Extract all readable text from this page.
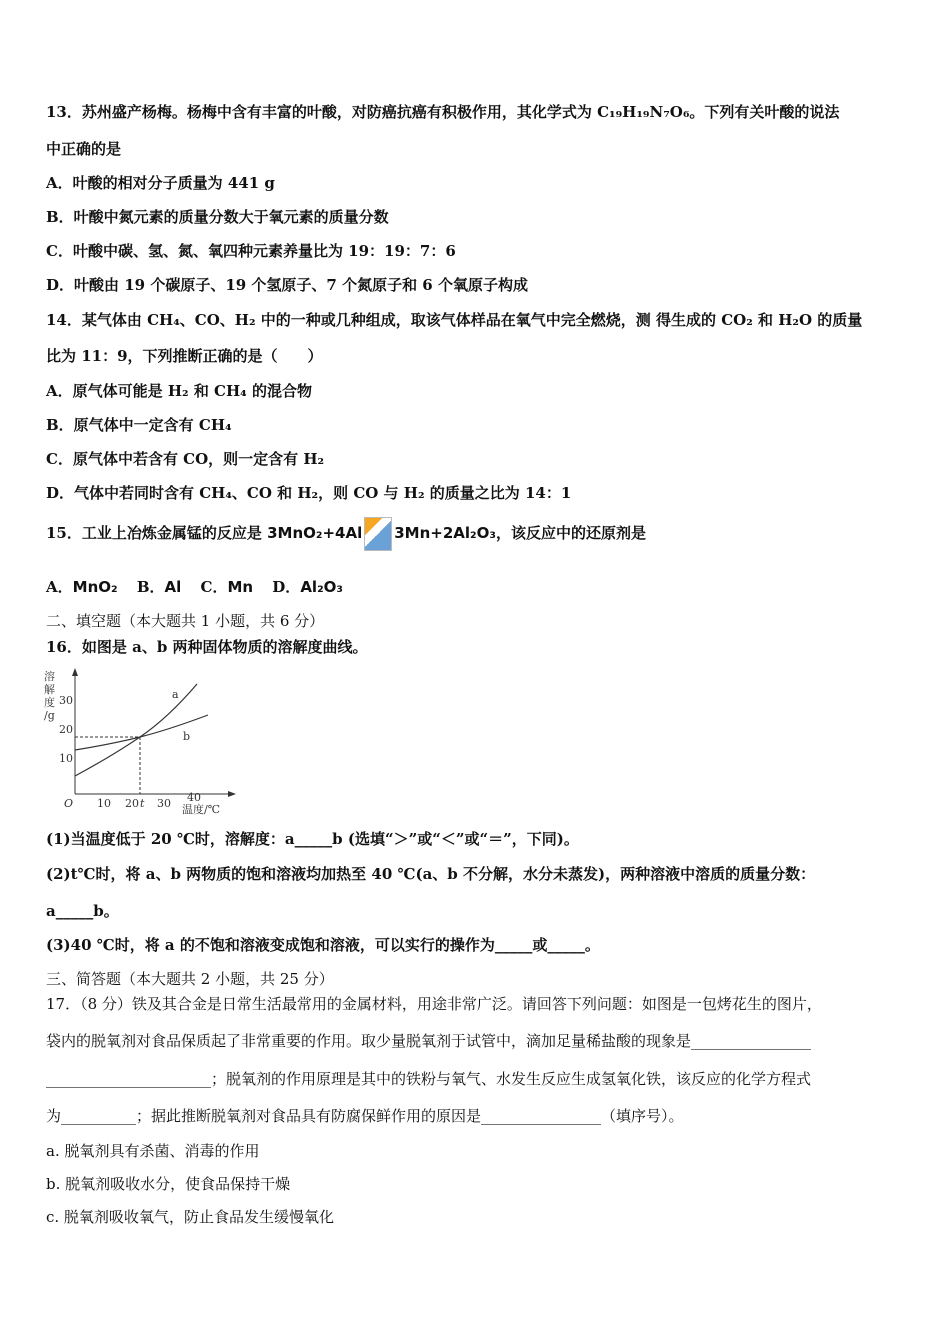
13．苏州盛产杨梅。杨梅中含有丰富的叶酸，对防癌抗癌有积极作用，其化学式为 C₁₉H₁₉N₇O₆。下列有关叶酸的说法
中正确的是
A．叶酸的相对分子质量为 441 g
B．叶酸中氮元素的质量分数大于氧元素的质量分数
C．叶酸中碳、氢、氮、氧四种元素养量比为 19：19：7：6
D．叶酸由 19 个碳原子、19 个氢原子、7 个氮原子和 6 个氧原子构成
14．某气体由 CH₄、CO、H₂ 中的一种或几种组成，取该气体样品在氧气中完全燃烧，测 得生成的 CO₂ 和 H₂O 的质量
比为 11：9，下列推断正确的是（　　）
A．原气体可能是 H₂ 和 CH₄ 的混合物
B．原气体中一定含有 CH₄
C．原气体中若含有 CO，则一定含有 H₂
D．气体中若同时含有 CH₄、CO 和 H₂，则 CO 与 H₂ 的质量之比为 14：1
15．工业上冶炼金属锰的反应是 3MnO₂+4Al 3Mn+2Al₂O₃，该反应中的还原剂是
A．MnO₂ B．Al C．Mn D．Al₂O₃
二、填空题（本大题共 1 小题，共 6 分）
16．如图是 a、b 两种固体物质的溶解度曲线。
溶
解
度
/g
30
20
10
O 10 20 t 30 40
温度/℃
a
b
(1)当温度低于 20 ℃时，溶解度：a_____b (选填“＞”或“＜”或“＝”，下同)。
(2)t℃时，将 a、b 两物质的饱和溶液均加热至 40 ℃(a、b 不分解，水分未蒸发)，两种溶液中溶质的质量分数：
a_____b。
(3)40 ℃时，将 a 的不饱和溶液变成饱和溶液，可以实行的操作为_____或_____。
三、简答题（本大题共 2 小题，共 25 分）
17．（8 分）铁及其合金是日常生活最常用的金属材料，用途非常广泛。请回答下列问题：如图是一包烤花生的图片，
袋内的脱氧剂对食品保质起了非常重要的作用。取少量脱氧剂于试管中，滴加足量稀盐酸的现象是________________
______________________；脱氧剂的作用原理是其中的铁粉与氧气、水发生反应生成氢氧化铁，该反应的化学方程式
为__________；据此推断脱氧剂对食品具有防腐保鲜作用的原因是________________（填序号）。
a. 脱氧剂具有杀菌、消毒的作用
b. 脱氧剂吸收水分，使食品保持干燥
c. 脱氧剂吸收氧气，防止食品发生缓慢氧化
